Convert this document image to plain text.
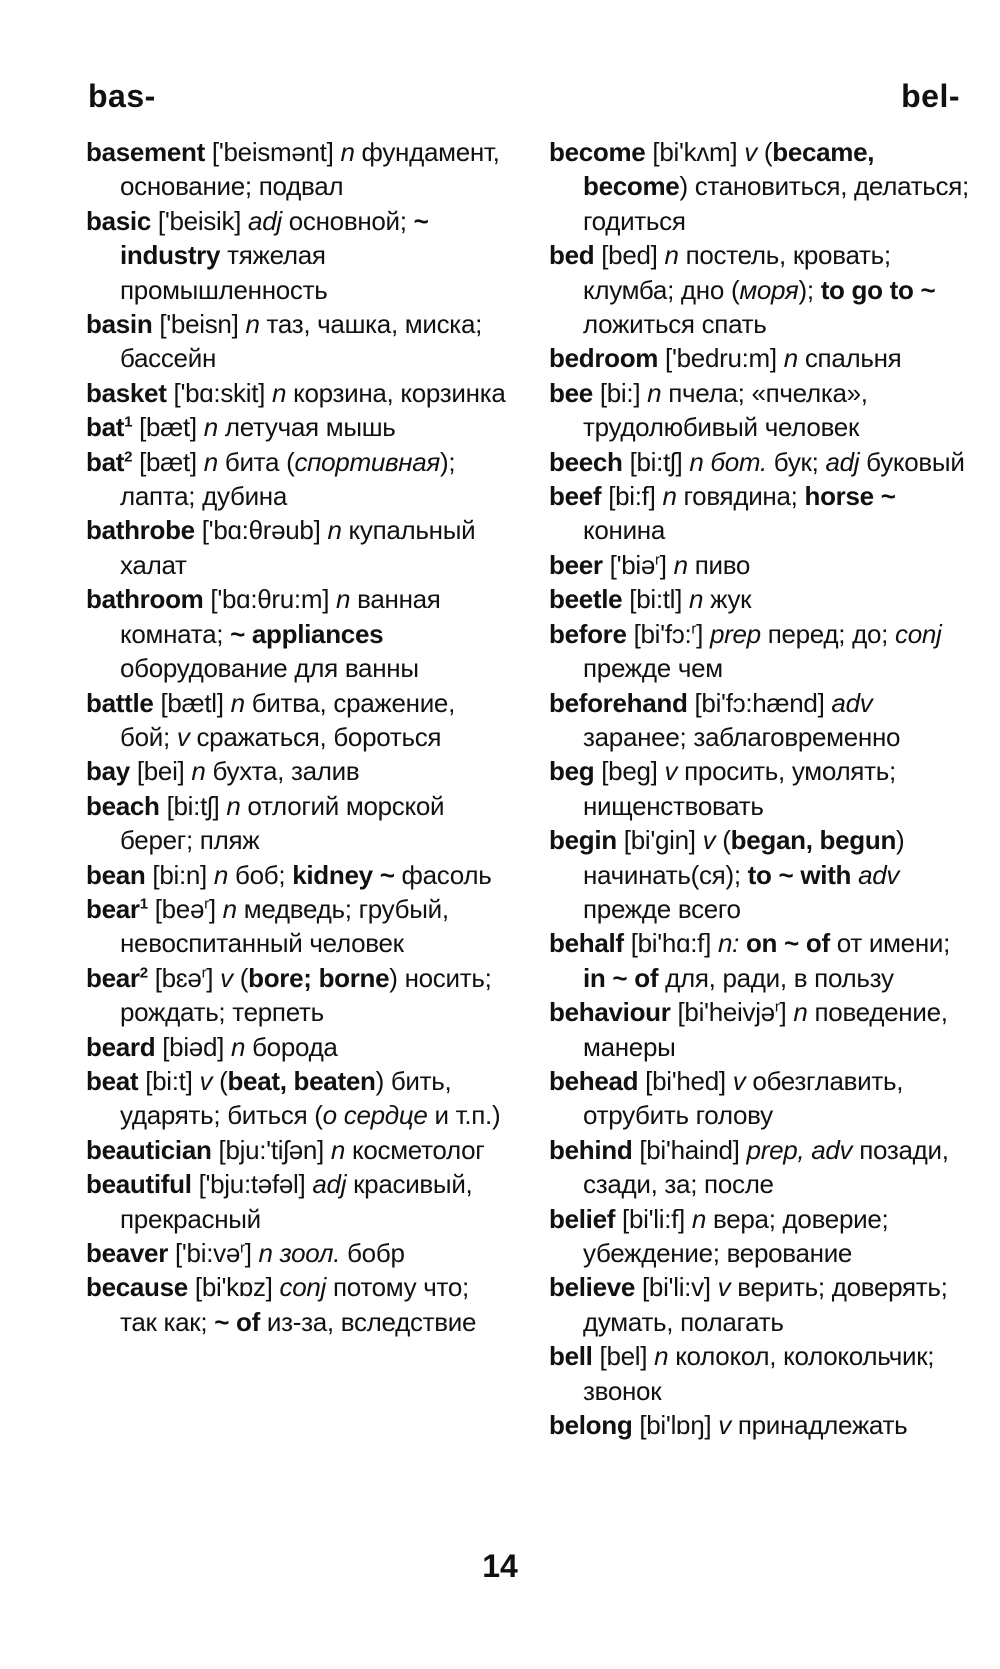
bas-	bel-
basement ['beismənt] n фундамент, основание; подвал
basic ['beisik] adj основной; ~ industry тяжелая промышленность
basin ['beisn] n таз, чашка, миска; бассейн
basket ['bɑ:skit] n корзина, корзинка
bat$^1$ [bæt] n летучая мышь
bat$^2$ [bæt] n бита (спортивная); лапта; дубина
bathrobe ['bɑ:θrəub] n купальный халат
bathroom ['bɑ:θru:m] n ванная комната; ~ appliances оборудование для ванны
battle [bætl] n битва, сражение, бой; v сражаться, бороться
bay [bei] n бухта, залив
beach [bi:tʃ] n отлогий морской берег; пляж
bean [bi:n] n боб; kidney ~ фасоль
bear$^1$ [beə$^r$] n медведь; грубый, невоспитанный человек
bear$^2$ [bɛə$^r$] v (bore; borne) носить; рождать; терпеть
beard [biəd] n борода
beat [bi:t] v (beat, beaten) бить, ударять; биться (о сердце и т.п.)
beautician [bju:'tiʃən] n косметолог
beautiful ['bju:təfəl] adj красивый, прекрасный
beaver ['bi:və$^r$] n зоол. бобр
because [bi'kɒz] conj потому что; так как; ~ of из-за, вследствие
become [bi'kʌm] v (became, become) становиться, делаться; годиться
bed [bed] n постель, кровать; клумба; дно (моря); to go to ~ ложиться спать
bedroom ['bedru:m] n спальня
bee [bi:] n пчела; «пчелка», трудолюбивый человек
beech [bi:tʃ] n бот. бук; adj буковый
beef [bi:f] n говядина; horse ~ конина
beer ['biə$^r$] n пиво
beetle [bi:tl] n жук
before [bi'fɔ:$^r$] prep перед; до; conj прежде чем
beforehand [bi'fɔ:hænd] adv заранее; заблаговременно
beg [beg] v просить, умолять; нищенствовать
begin [bi'gin] v (began, begun) начинать(ся); to ~ with adv прежде всего
behalf [bi'hɑ:f] n: on ~ of от имени; in ~ of для, ради, в пользу
behaviour [bi'heivjə$^r$] n поведение, манеры
behead [bi'hed] v обезглавить, отрубить голову
behind [bi'haind] prep, adv позади, сзади, за; после
belief [bi'li:f] n вера; доверие; убеждение; верование
believe [bi'li:v] v верить; доверять; думать, полагать
bell [bel] n колокол, колокольчик; звонок
belong [bi'lɒŋ] v принадлежать
14
